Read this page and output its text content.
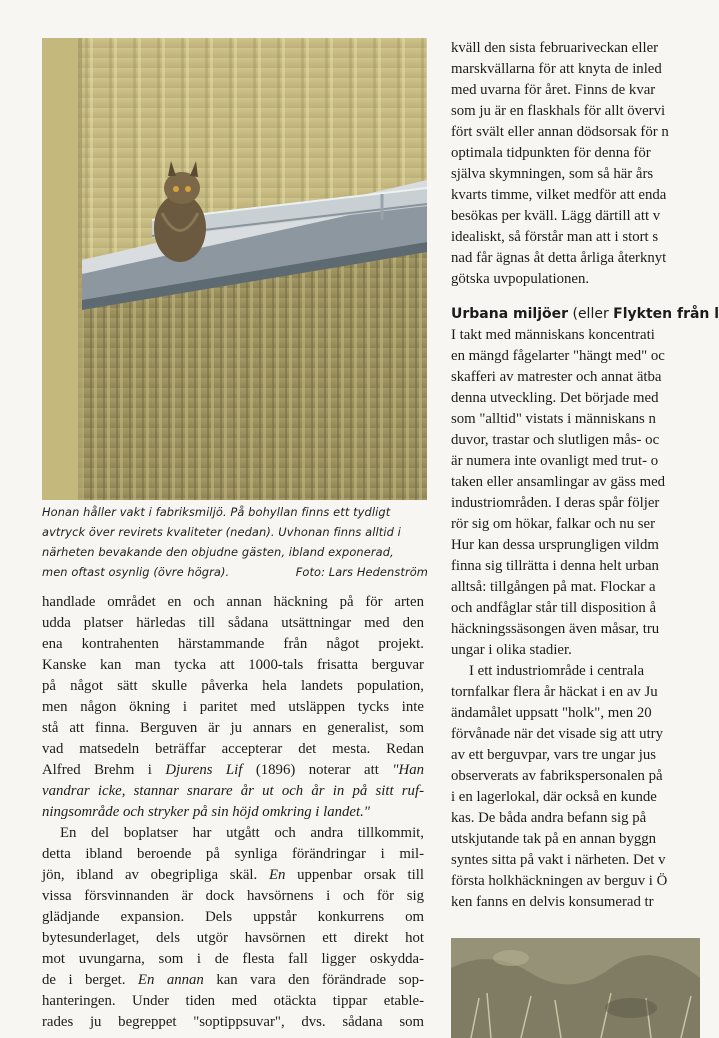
Honan håller vakt i fabriksmiljö. På bohyllan finns ett tydligt
avtryck över revirets kvaliteter (nedan). Uvhonan finns alltid i
närheten bevakande den objudne gästen, ibland exponerad,
men oftast osynlig (övre högra).	Foto: Lars Hedenström
handlade området en och annan häckning på för arten
udda platser härledas till sådana utsättningar med den
ena kontrahenten härstammande från något projekt.
Kanske kan man tycka att 1000-tals frisatta berguvar
på något sätt skulle påverka hela landets population,
men någon ökning i paritet med utsläppen tycks inte
stå att finna. Berguven är ju annars en generalist, som
vad matsedeln beträffar accepterar det mesta. Redan
Alfred Brehm i Djurens Lif (1896) noterar att "Han
vandrar icke, stannar snarare år ut och år in på sitt ruf-
ningsområde och stryker på sin höjd omkring i landet."
En del boplatser har utgått och andra tillkommit,
detta ibland beroende på synliga förändringar i mil-
jön, ibland av obegripliga skäl. En uppenbar orsak till
vissa försvinnanden är dock havsörnens i och för sig
glädjande expansion. Dels uppstår konkurrens om
bytesunderlaget, dels utgör havsörnen ett direkt hot
mot uvungarna, som i de flesta fall ligger oskydda-
de i berget. En annan kan vara den förändrade sop-
hanteringen. Under tiden med otäckta tippar etable-
rades ju begreppet "soptippsuvar", dvs. sådana som
kväll den sista februariveckan eller
marskvällarna för att knyta de inled
med uvarna för året. Finns de kvar
som ju är en flaskhals för allt övervi
fört svält eller annan dödsorsak för n
optimala tidpunkten för denna för
själva skymningen, som så här års
kvarts timme, vilket medför att enda
besökas per kväll. Lägg därtill att v
idealiskt, så förstår man att i stort s
nad får ägnas åt detta årliga återknyt
götska uvpopulationen.
Urbana miljöer (eller Flykten från l
I takt med människans koncentrati
en mängd fågelarter "hängt med" oc
skafferi av matrester och annat ätba
denna utveckling. Det började med
som "alltid" vistats i människans n
duvor, trastar och slutligen mås- oc
är numera inte ovanligt med trut- o
taken eller ansamlingar av gäss med
industriområden. I deras spår följer
rör sig om hökar, falkar och nu ser
Hur kan dessa ursprungligen vildm
finna sig tillrätta i denna helt urban
alltså: tillgången på mat. Flockar a
och andfåglar står till disposition å
häckningssäsongen även måsar, tru
ungar i olika stadier.
I ett industriområde i centrala
tornfalkar flera år häckat i en av Ju
ändamålet uppsatt "holk", men 20
förvånade när det visade sig att utry
av ett berguvpar, vars tre ungar jus
observerats av fabrikspersonalen på
i en lagerlokal, där också en kunde
kas. De båda andra befann sig på
utskjutande tak på en annan byggn
syntes sitta på vakt i närheten. Det v
första holkhäckningen av berguv i Ö
ken fanns en delvis konsumerad tr
